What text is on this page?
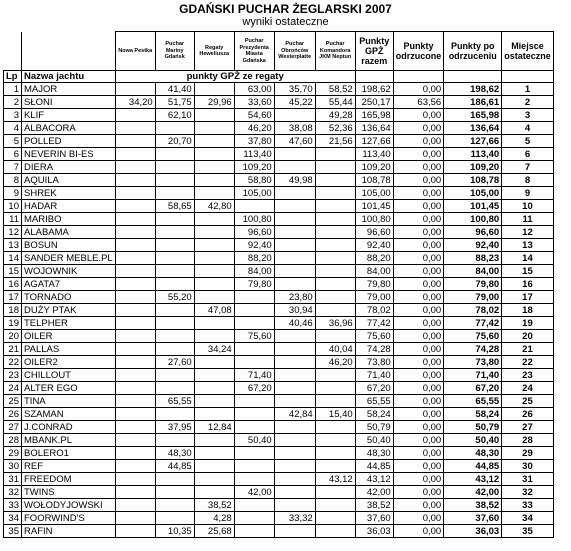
GDAŃSKI PUCHAR ŻEGLARSKI 2007
wyniki ostateczne
		Nowa Pestka	Puchar Mariny Gdańsk	Regaty Heweliusza	Puchar Prezydenta Miasta Gdańska	Puchar Obrońców Westerplatte	Puchar Komandora JKM Neptun	Punkty GPŻ razem	Punkty odrzucone	Punkty po odrzuceniu	Miejsce ostateczne
Lp	Nazwa jachtu	punkty GPŻ ze regaty									
1	MAJOR		41,40		63,00	35,70	58,52	198,62	0,00	198,62	1
2	SŁONI	34,20	51,75	29,96	33,60	45,22	55,44	250,17	63,56	186,61	2
3	KLIF		62,10		54,60		49,28	165,98	0,00	165,98	3
4	ALBACORA				46,20	38,08	52,36	136,64	0,00	136,64	4
5	POLLED		20,70		37,80	47,60	21,56	127,66	0,00	127,66	5
6	NEVERIN BI-ES				113,40			113,40	0,00	113,40	6
7	DIERA				109,20			109,20	0,00	109,20	7
8	AQUILA				58,80	49,98		108,78	0,00	108,78	8
9	SHREK				105,00			105,00	0,00	105,00	9
10	HADAR		58,65	42,80				101,45	0,00	101,45	10
11	MARIBO				100,80			100,80	0,00	100,80	11
12	ALABAMA				96,60			96,60	0,00	96,60	12
13	BOSUN				92,40			92,40	0,00	92,40	13
14	SANDER MEBLE.PL				88,20			88,20	0,00	88,23	14
15	WOJOWNIK				84,00			84,00	0,00	84,00	15
16	AGATA7				79,80			79,80	0,00	79,80	16
17	TORNADO		55,20			23,80		79,00	0,00	79,00	17
18	DUŻY PTAK			47,08		30,94		78,02	0,00	78,02	18
19	TELPHER					40,46	36,96	77,42	0,00	77,42	19
20	OILER				75,60			75,60	0,00	75,60	20
21	PALLAS			34,24			40,04	74,28	0,00	74,28	21
22	OILER2		27,60				46,20	73,80	0,00	73,80	22
23	CHILLOUT				71,40			71,40	0,00	71,40	23
24	ALTER EGO				67,20			67,20	0,00	67,20	24
25	TINA		65,55					65,55	0,00	65,55	25
26	SZAMAN					42,84	15,40	58,24	0,00	58,24	26
27	J.CONRAD		37,95	12,84				50,79	0,00	50,79	27
28	MBANK.PL				50,40			50,40	0,00	50,40	28
29	BOLERO1		48,30					48,30	0,00	48,30	29
30	REF		44,85					44,85	0,00	44,85	30
31	FREEDOM						43,12	43,12	0,00	43,12	31
32	TWINS				42,00			42,00	0,00	42,00	32
33	WOŁODYJOWSKI			38,52				38,52	0,00	38,52	33
34	FOORWIND'S			4,28		33,32		37,60	0,00	37,60	34
35	RAFIN		10,35	25,68				36,03	0,00	36,03	35
